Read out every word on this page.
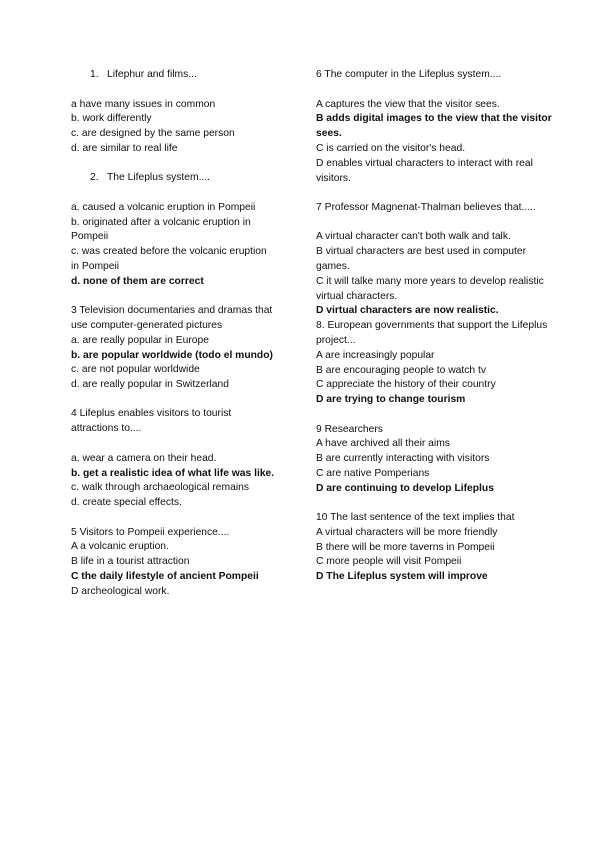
1. Lifephur and films...
a have many issues in common
b. work differently
c. are designed by the same person
d. are similar to real life
2. The Lifeplus system....
a. caused a volcanic eruption in Pompeii
b. originated after a volcanic eruption in Pompeii
c. was created before the volcanic eruption in Pompeii
d. none of them are correct
3 Television documentaries and dramas that use computer-generated pictures
a. are really popular in Europe
b. are popular worldwide (todo el mundo)
c. are not popular worldwide
d. are really popular in Switzerland
4 Lifeplus enables visitors to tourist attractions to....
a. wear a camera on their head.
b. get a realistic idea of what life was like.
c. walk through archaeological remains
d. create special effects.
5 Visitors to Pompeii experience....
A a volcanic eruption.
B life in a tourist attraction
C the daily lifestyle of ancient Pompeii
D archeological work.
6 The computer in the Lifeplus system....
A captures the view that the visitor sees.
B adds digital images to the view that the visitor sees.
C is carried on the visitor's head.
D enables virtual characters to interact with real visitors.
7 Professor Magnenat-Thalman believes that.....
A virtual character can't both walk and talk.
B virtual characters are best used in computer games.
C it will talke many more years to develop realistic virtual characters.
D virtual characters are now realistic.
8. European governments that support the Lifeplus project...
A are increasingly popular
B are encouraging people to watch tv
C appreciate the history of their country
D are trying to change tourism
9 Researchers
A have archived all their aims
B are currently interacting with visitors
C are native Pomperians
D are continuing to develop Lifeplus
10 The last sentence of the text implies that
A virtual characters will be more friendly
B there will be more taverns in Pompeii
C more people will visit Pompeii
D The Lifeplus system will improve
